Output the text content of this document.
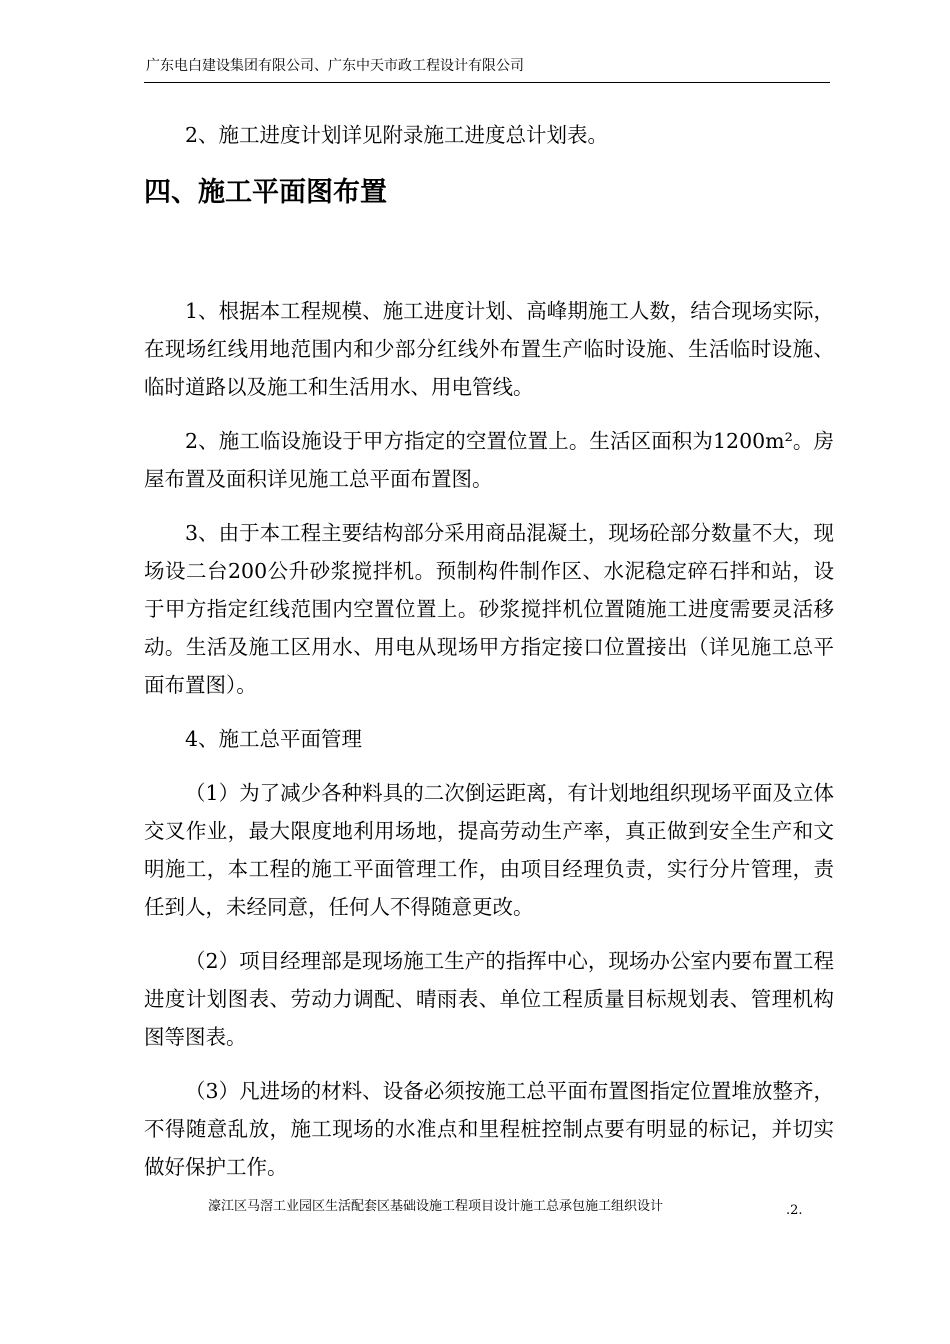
广东电白建设集团有限公司、广东中天市政工程设计有限公司

2、施工进度计划详见附录施工进度总计划表。

四、施工平面图布置

1、根据本工程规模、施工进度计划、高峰期施工人数，结合现场实际，在现场红线用地范围内和少部分红线外布置生产临时设施、生活临时设施、临时道路以及施工和生活用水、用电管线。

2、施工临设施设于甲方指定的空置位置上。生活区面积为1200m²。房屋布置及面积详见施工总平面布置图。

3、由于本工程主要结构部分采用商品混凝土，现场砼部分数量不大，现场设二台200公升砂浆搅拌机。预制构件制作区、水泥稳定碎石拌和站，设于甲方指定红线范围内空置位置上。砂浆搅拌机位置随施工进度需要灵活移动。生活及施工区用水、用电从现场甲方指定接口位置接出（详见施工总平面布置图）。

4、施工总平面管理

（1）为了减少各种料具的二次倒运距离，有计划地组织现场平面及立体交叉作业，最大限度地利用场地，提高劳动生产率，真正做到安全生产和文明施工，本工程的施工平面管理工作，由项目经理负责，实行分片管理，责任到人，未经同意，任何人不得随意更改。

（2）项目经理部是现场施工生产的指挥中心，现场办公室内要布置工程进度计划图表、劳动力调配、晴雨表、单位工程质量目标规划表、管理机构图等图表。

（3）凡进场的材料、设备必须按施工总平面布置图指定位置堆放整齐，不得随意乱放，施工现场的水准点和里程桩控制点要有明显的标记，并切实做好保护工作。

濠江区马滘工业园区生活配套区基础设施工程项目设计施工总承包施工组织设计	.2.
